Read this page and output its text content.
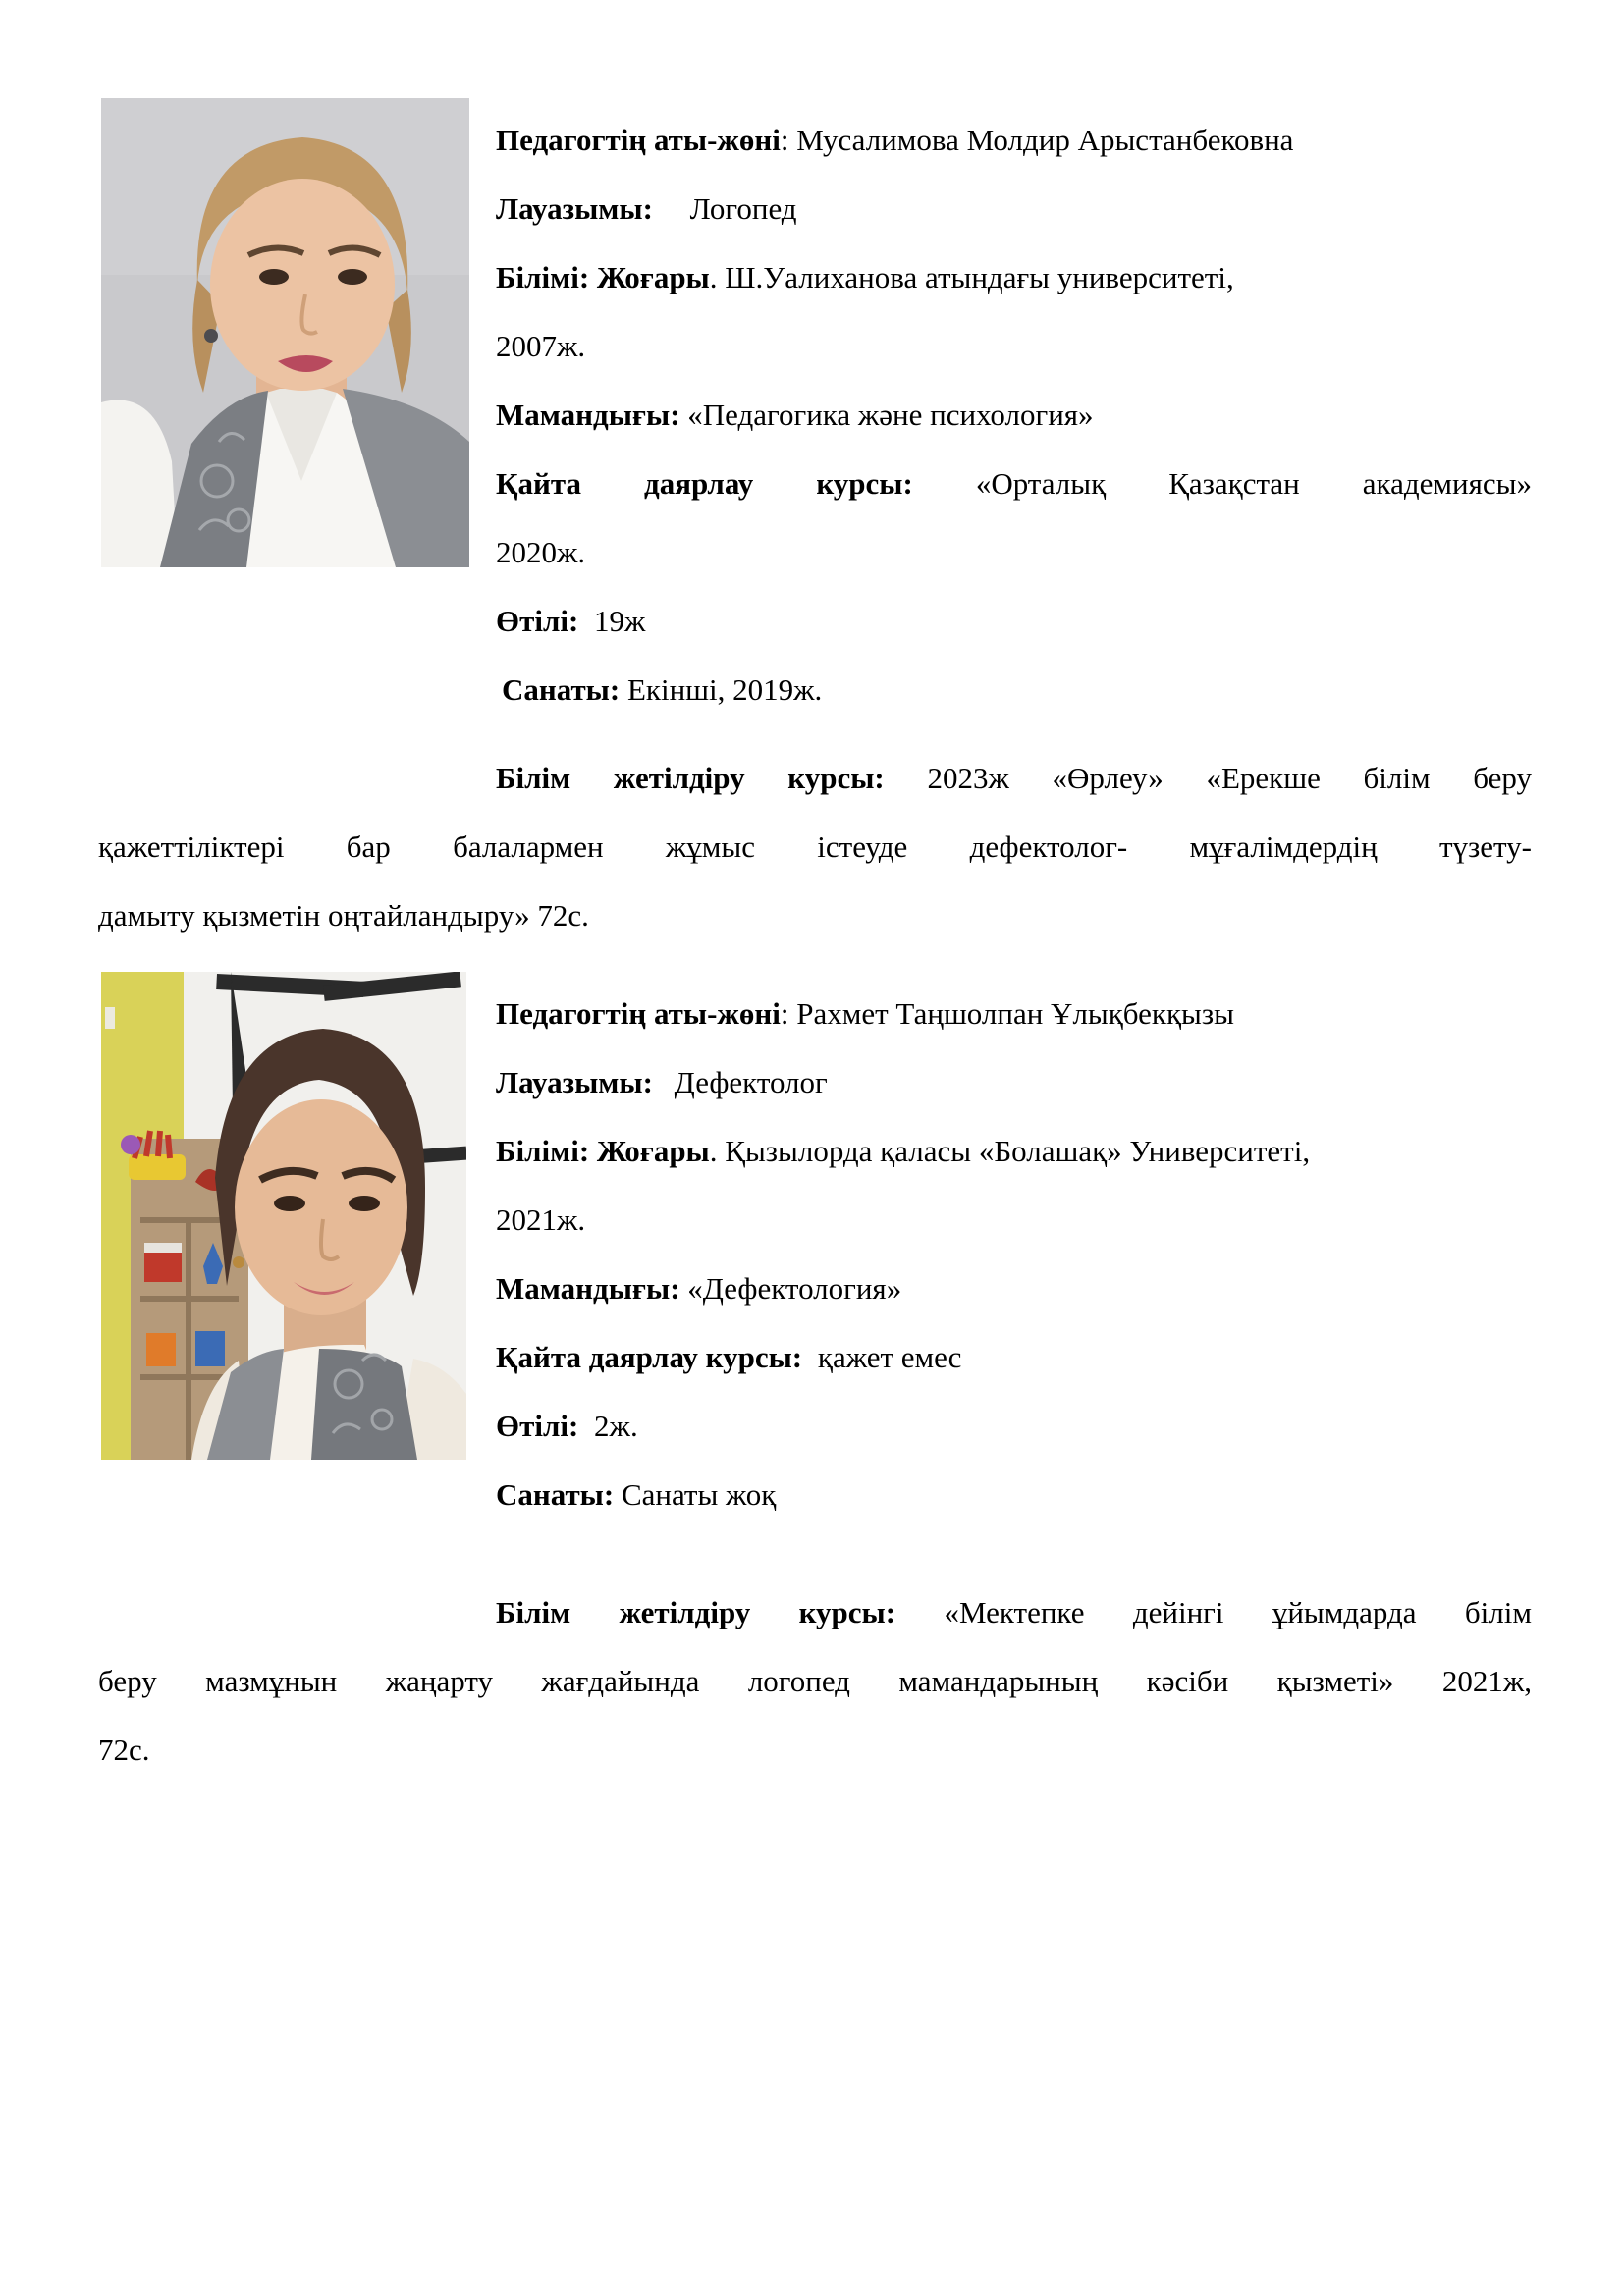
Педагогтің аты-жөні: Мусалимова Молдир Арыстанбековна

Лауазымы: Логопед

Білімі: Жоғары. Ш.Уалиханова атындағы университеті,
2007ж.

Мамандығы: «Педагогика және психология»

Қайта даярлау курсы: «Орталық Қазақстан академиясы»
2020ж.

Өтілі: 19ж

Санаты: Екінші, 2019ж.

Білім жетілдіру курсы: 2023ж «Өрлеу» «Ерекше білім беру
қажеттіліктері бар балалармен жұмыс істеуде дефектолог- мұғалімдердің түзету-
дамыту қызметін оңтайландыру» 72с.

Педагогтің аты-жөні: Рахмет Таңшолпан Ұлықбекқызы

Лауазымы: Дефектолог

Білімі: Жоғары. Қызылорда қаласы «Болашақ» Университеті,
2021ж.

Мамандығы: «Дефектология»

Қайта даярлау курсы: қажет емес

Өтілі: 2ж.

Санаты: Санаты жоқ

Білім жетілдіру курсы: «Мектепке дейінгі ұйымдарда білім
беру мазмұнын жаңарту жағдайында логопед мамандарының кәсіби қызметі» 2021ж,
72с.
